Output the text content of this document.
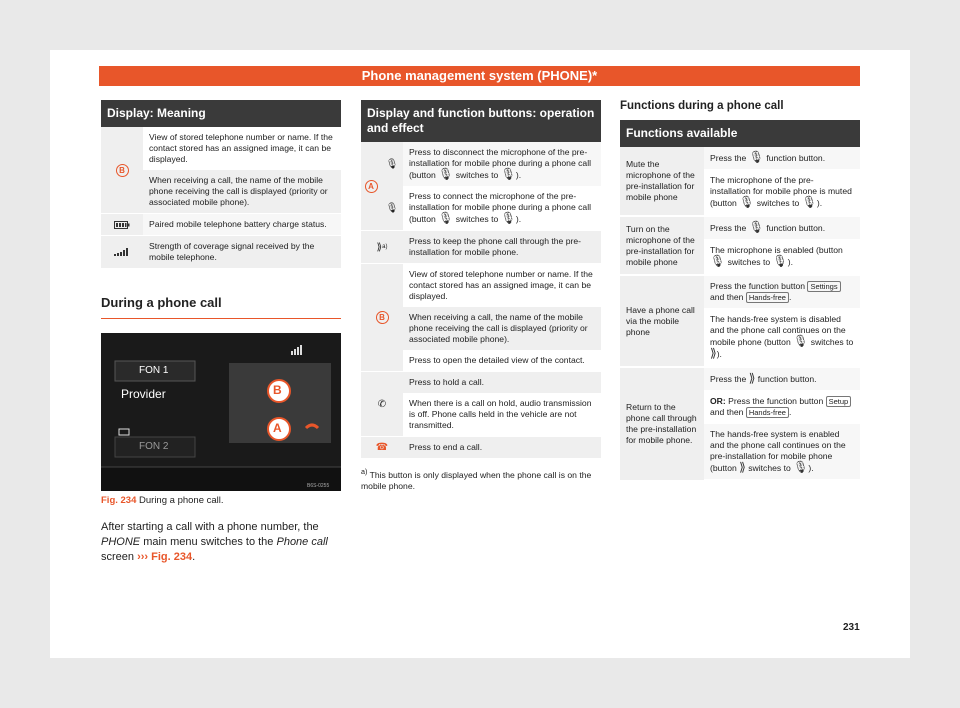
Phone management system (PHONE)*
Display: Meaning
B
View of stored telephone number or name. If the contact stored has an assigned image, it can be displayed.
When receiving a call, the name of the mobile phone receiving the call is displayed (priority or associated mobile phone).
Paired mobile telephone battery charge status.
Strength of coverage signal received by the mobile telephone.
During a phone call
FON 1
Provider
FON 2
B
A
B6S-0255
Fig. 234 During a phone call.
After starting a call with a phone number, the PHONE main menu switches to the Phone call screen ››› Fig. 234.
Display and function buttons: operation and effect
A
🎙
Press to disconnect the microphone of the pre-installation for mobile phone during a phone call (button 🎙 switches to 🎙).
🎙
Press to connect the microphone of the pre-installation for mobile phone during a phone call (button 🎙 switches to 🎙).
⟫ a)
Press to keep the phone call through the pre-installation for mobile phone.
B
View of stored telephone number or name. If the contact stored has an assigned image, it can be displayed.
When receiving a call, the name of the mobile phone receiving the call is displayed (priority or associated mobile phone).
Press to open the detailed view of the contact.
✆
Press to hold a call.
When there is a call on hold, audio transmission is off. Phone calls held in the vehicle are not transmitted.
☎	Press to end a call.
$^{a)}$ This button is only displayed when the phone call is on the mobile phone.
Functions during a phone call
Functions available
Mute the microphone of the pre-installation for mobile phone
Press the 🎙 function button.
The microphone of the pre-installation for mobile phone is muted (button 🎙 switches to 🎙).
Turn on the microphone of the pre-installation for mobile phone
Press the 🎙 function button.
The microphone is enabled (button 🎙 switches to 🎙).
Have a phone call via the mobile phone
Press the function button Settings and then Hands-free .
The hands-free system is disabled and the phone call continues on the mobile phone (button 🎙 switches to ⟫).
Return to the phone call through the pre-installation for mobile phone.
Press the ⟫ function button.
OR: Press the function button Setup and then Hands-free .
The hands-free system is enabled and the phone call continues on the pre-installation for mobile phone (button ⟫ switches to 🎙).
231
